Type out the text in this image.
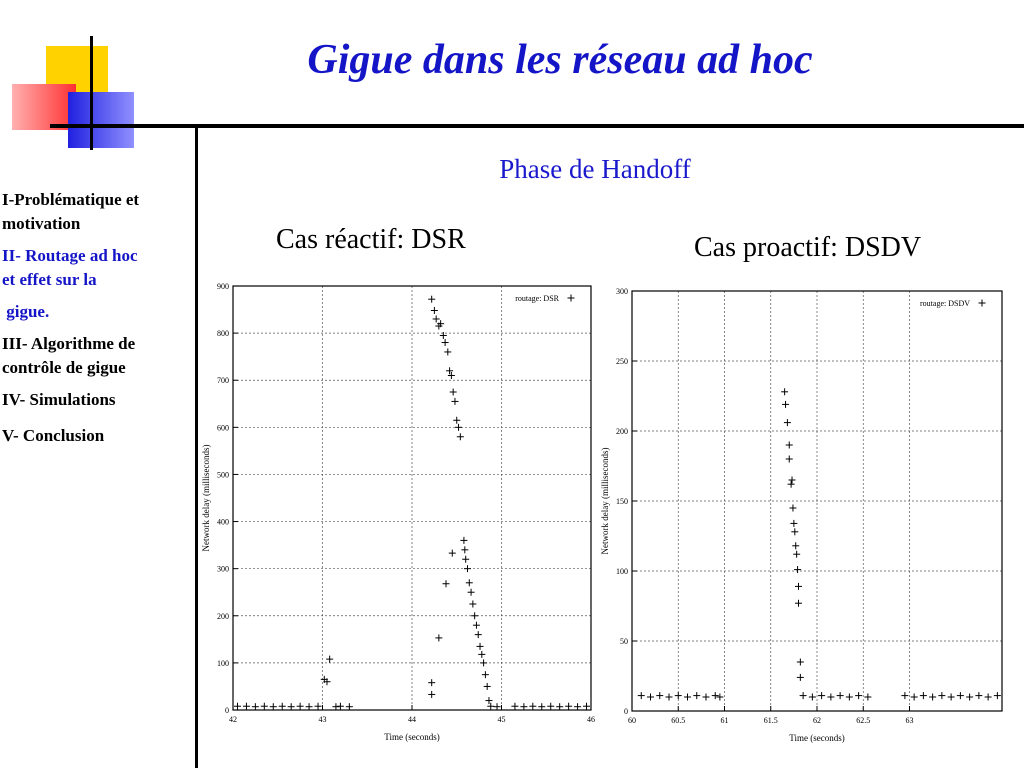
Gigue dans les réseau ad hoc
Phase de Handoff
Cas réactif: DSR	Cas proactif: DSDV
I-Problématique et
motivation
II- Routage ad hoc
et effet sur la
gigue.
III- Algorithme de
contrôle de gigue
IV- Simulations
V- Conclusion
42	43	44	45	46
0
100
200
300
400
500
600
700
800
900
Time (seconds)
Network delay (milliseconds)
routage: DSR
60	60.5	61	61.5	62	62.5	63
0
50
100
150
200
250
300
Time (seconds)
Network delay (milliseconds)
routage: DSDV
